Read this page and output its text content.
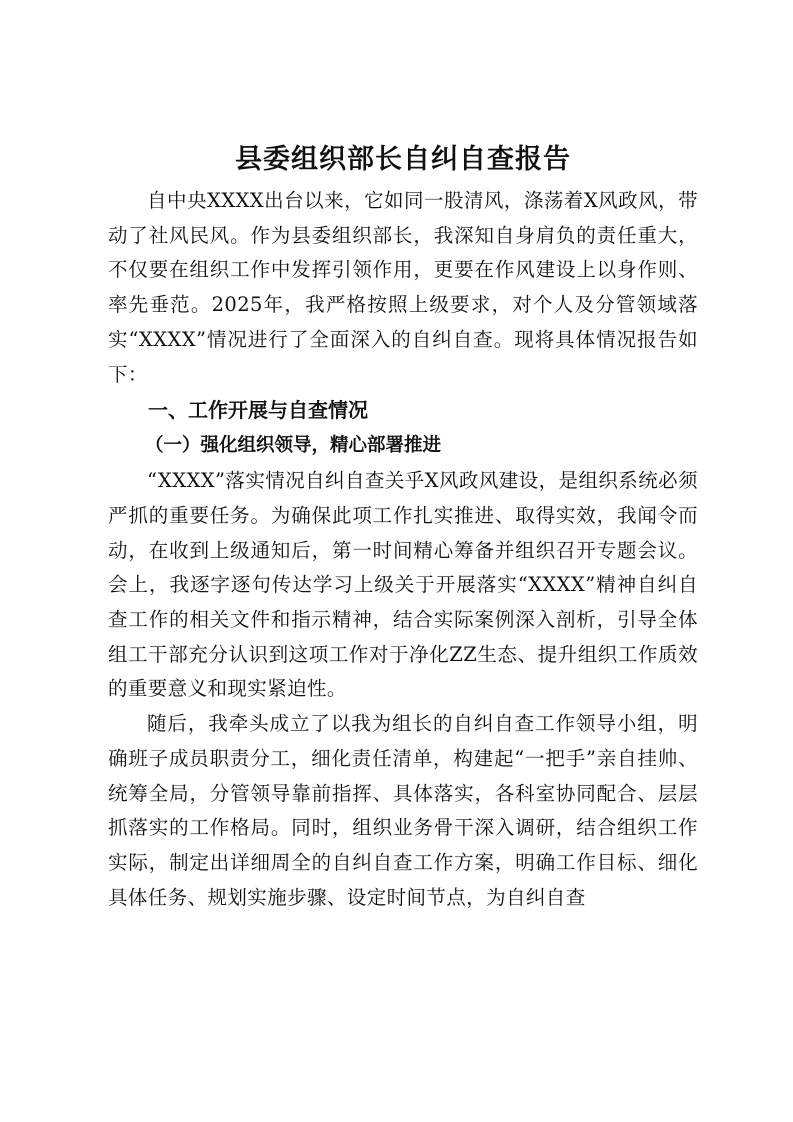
县委组织部长自纠自查报告

自中央XXXX出台以来，它如同一股清风，涤荡着X风政风，带动了社风民风。作为县委组织部长，我深知自身肩负的责任重大，不仅要在组织工作中发挥引领作用，更要在作风建设上以身作则、率先垂范。2025年，我严格按照上级要求，对个人及分管领域落实“XXXX”情况进行了全面深入的自纠自查。现将具体情况报告如下：

一、工作开展与自查情况
（一）强化组织领导，精心部署推进

“XXXX”落实情况自纠自查关乎X风政风建设，是组织系统必须严抓的重要任务。为确保此项工作扎实推进、取得实效，我闻令而动，在收到上级通知后，第一时间精心筹备并组织召开专题会议。会上，我逐字逐句传达学习上级关于开展落实“XXXX”精神自纠自查工作的相关文件和指示精神，结合实际案例深入剖析，引导全体组工干部充分认识到这项工作对于净化ZZ生态、提升组织工作质效的重要意义和现实紧迫性。

随后，我牵头成立了以我为组长的自纠自查工作领导小组，明确班子成员职责分工，细化责任清单，构建起“一把手”亲自挂帅、统筹全局，分管领导靠前指挥、具体落实，各科室协同配合、层层抓落实的工作格局。同时，组织业务骨干深入调研，结合组织工作实际，制定出详细周全的自纠自查工作方案，明确工作目标、细化具体任务、规划实施步骤、设定时间节点，为自纠自查
